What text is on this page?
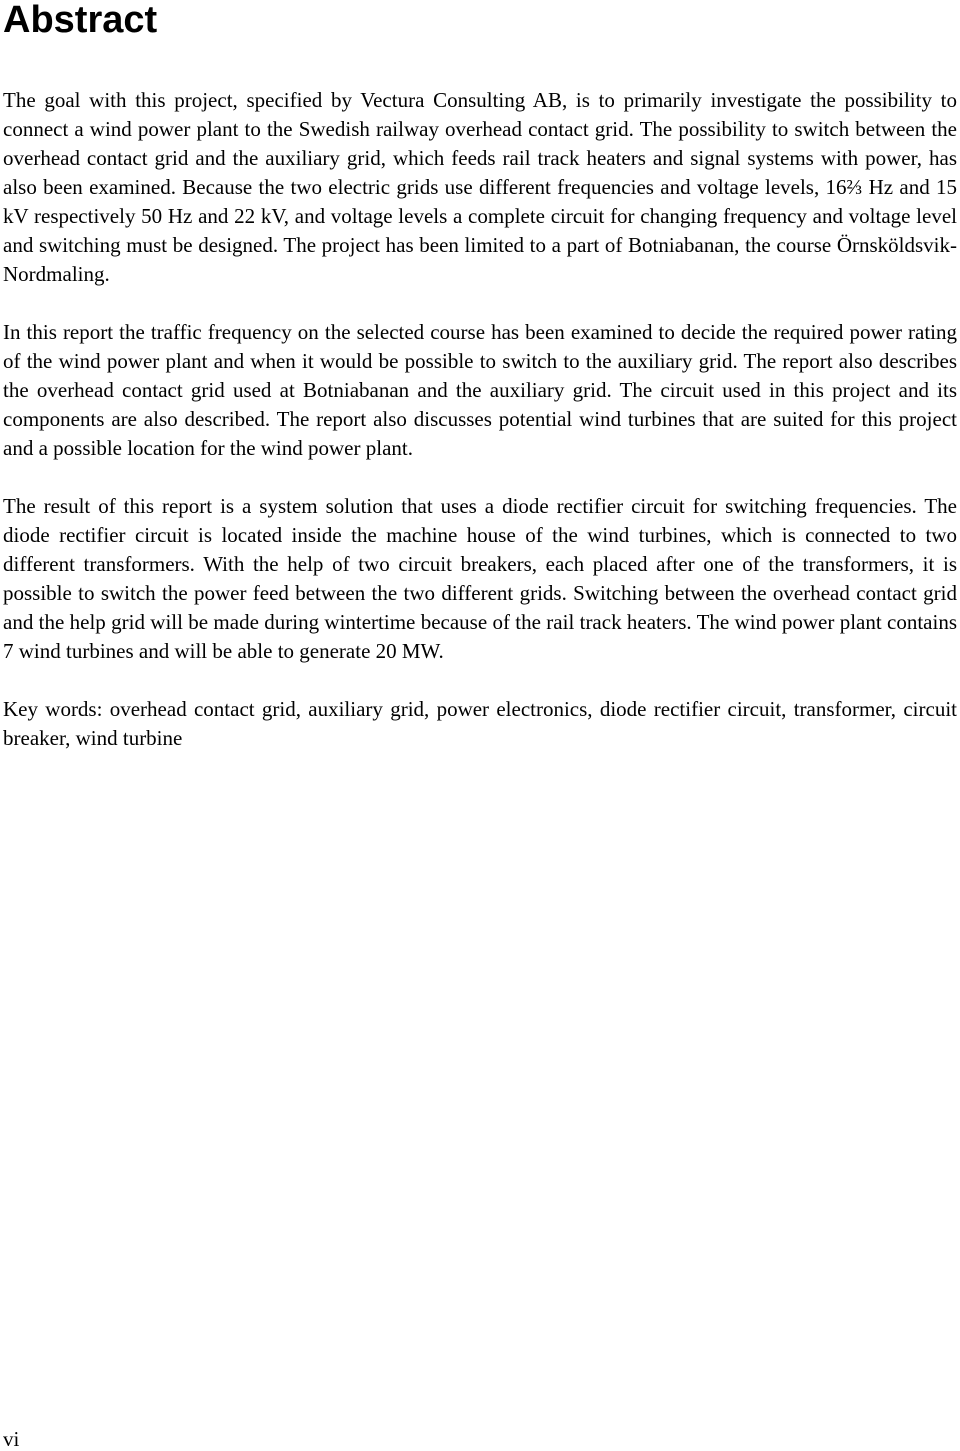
Abstract

The goal with this project, specified by Vectura Consulting AB, is to primarily investigate the possibility to connect a wind power plant to the Swedish railway overhead contact grid. The possibility to switch between the overhead contact grid and the auxiliary grid, which feeds rail track heaters and signal systems with power, has also been examined. Because the two electric grids use different frequencies and voltage levels, 16⅔ Hz and 15 kV respectively 50 Hz and 22 kV, and voltage levels a complete circuit for changing frequency and voltage level and switching must be designed. The project has been limited to a part of Botniabanan, the course Örnsköldsvik-Nordmaling.

In this report the traffic frequency on the selected course has been examined to decide the required power rating of the wind power plant and when it would be possible to switch to the auxiliary grid. The report also describes the overhead contact grid used at Botniabanan and the auxiliary grid. The circuit used in this project and its components are also described. The report also discusses potential wind turbines that are suited for this project and a possible location for the wind power plant.

The result of this report is a system solution that uses a diode rectifier circuit for switching frequencies. The diode rectifier circuit is located inside the machine house of the wind turbines, which is connected to two different transformers. With the help of two circuit breakers, each placed after one of the transformers, it is possible to switch the power feed between the two different grids. Switching between the overhead contact grid and the help grid will be made during wintertime because of the rail track heaters. The wind power plant contains 7 wind turbines and will be able to generate 20 MW.

Key words: overhead contact grid, auxiliary grid, power electronics, diode rectifier circuit, transformer, circuit breaker, wind turbine

vi
